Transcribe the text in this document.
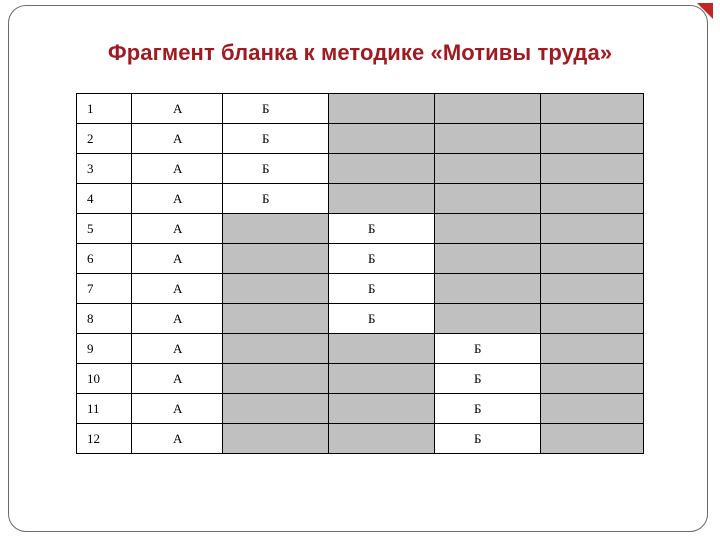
Фрагмент бланка к методике «Мотивы труда»
1	А	Б			
2	А	Б			
3	А	Б			
4	А	Б			
5	А		Б		
6	А		Б		
7	А		Б		
8	А		Б		
9	А			Б	
10	А			Б	
11	А			Б	
12	А			Б	
